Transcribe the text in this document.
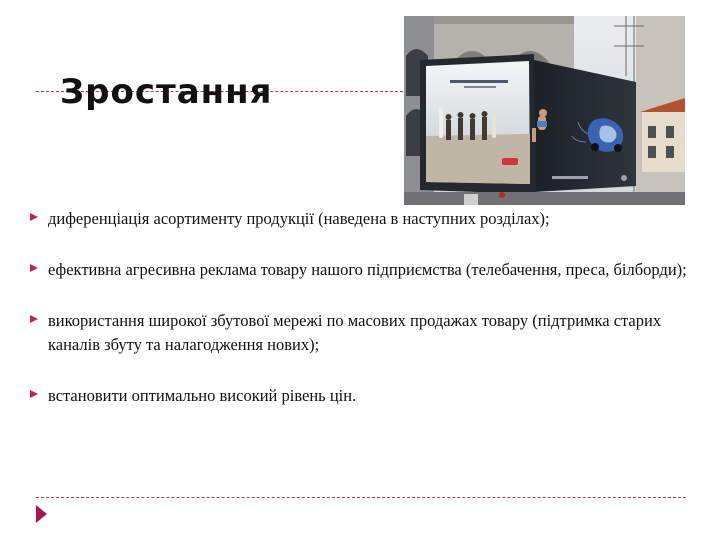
Зростання
диференціація асортименту продукції (наведена в наступних розділах);
ефективна агресивна реклама товару нашого підприємства (телебачення, преса, білборди);
використання широкої збутової мережі по масових продажах товару (підтримка старих каналів збуту та налагодження нових);
встановити оптимально високий рівень цін.
